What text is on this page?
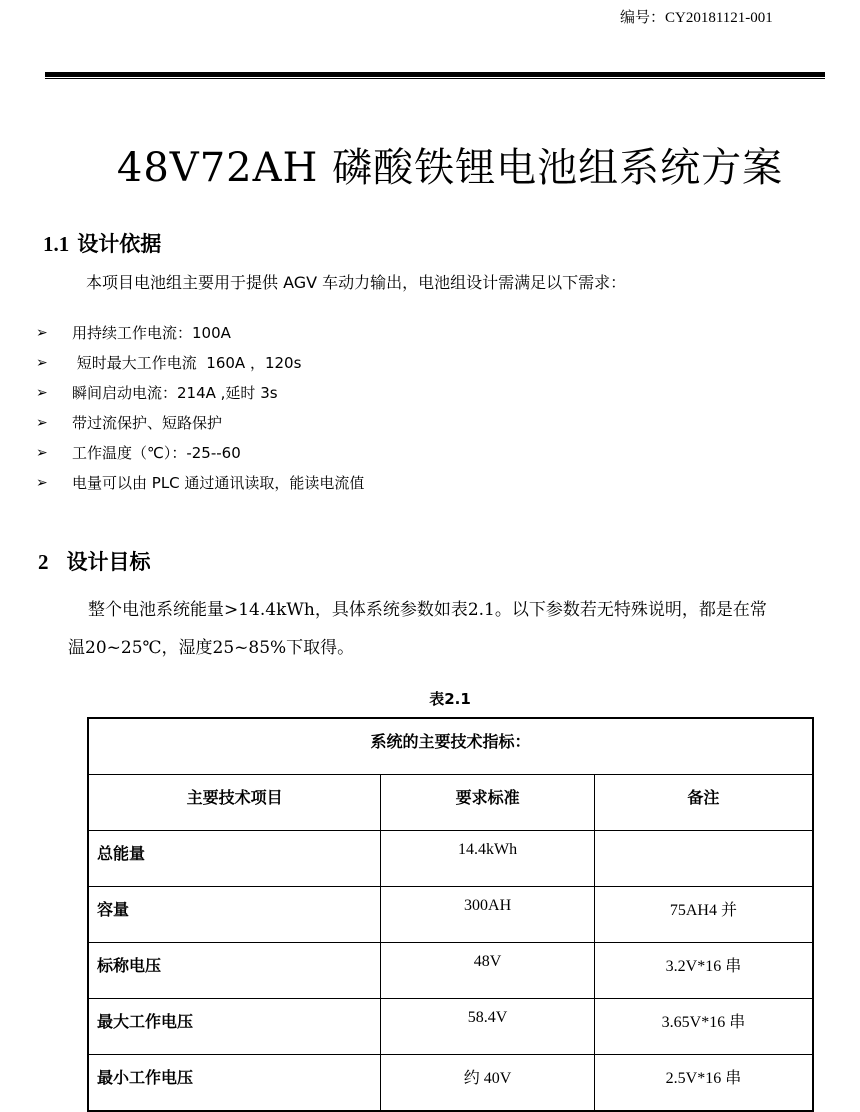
编号：CY20181121-001
48V72AH 磷酸铁锂电池组系统方案
1.1 设计依据
本项目电池组主要用于提供 AGV 车动力输出，电池组设计需满足以下需求：
➢	用持续工作电流：100A
➢	短时最大工作电流  160A ，120s
➢	瞬间启动电流：214A ,延时 3s
➢	带过流保护、短路保护
➢	工作温度（℃）：-25--60
➢	电量可以由 PLC 通过通讯读取，能读电流值
2 设计目标
整个电池系统能量>14.4kWh，具体系统参数如表2.1。以下参数若无特殊说明，都是在常
温20~25℃，湿度25~85%下取得。
表2.1
系统的主要技术指标：		
主要技术项目	要求标准	备注
总能量	14.4kWh	
容量	300AH	75AH4 并
标称电压	48V	3.2V*16 串
最大工作电压	58.4V	3.65V*16 串
最小工作电压	约 40V	2.5V*16 串
